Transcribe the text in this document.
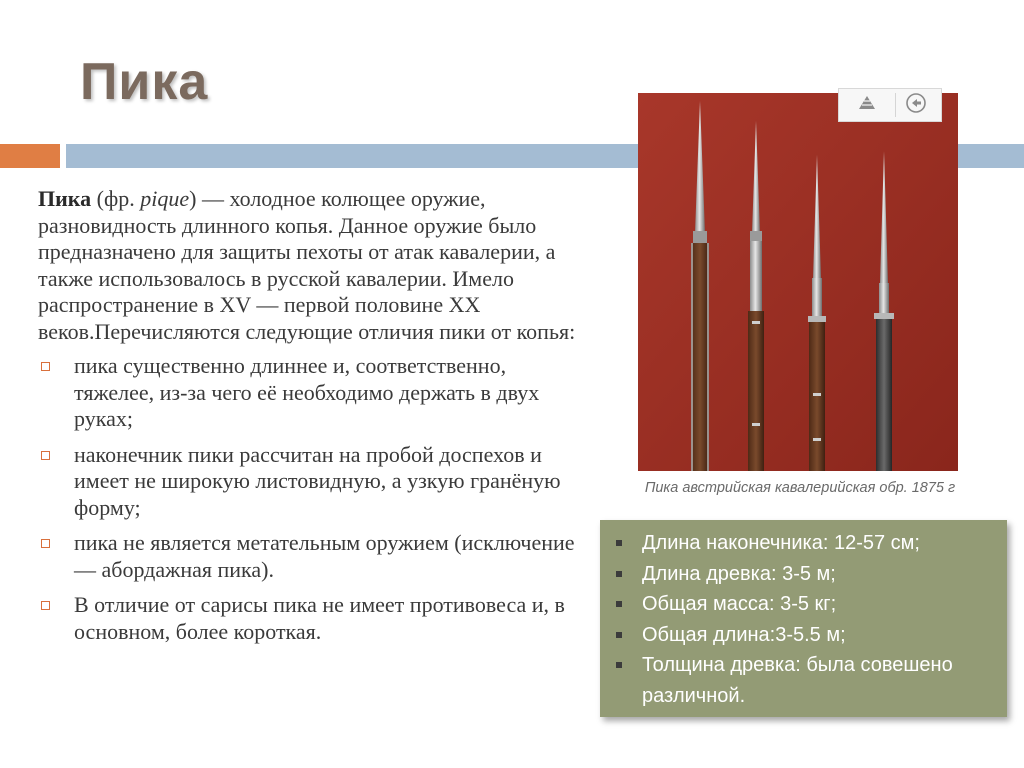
Пика
Пика (фр. pique) — холодное колющее оружие, разновидность длинного копья. Данное оружие было предназначено для защиты пехоты от атак кавалерии, а также использовалось в русской кавалерии. Имело распространение в XV — первой половине XX веков.Перечисляются следующие отличия пики от копья:
пика существенно длиннее и, соответственно, тяжелее, из-за чего её необходимо держать в двух руках;
наконечник пики рассчитан на пробой доспехов и имеет не широкую листовидную, а узкую гранёную форму;
пика не является метательным оружием (исключение — абордажная пика).
В отличие от сарисы пика не имеет противовеса и, в основном, более короткая.
Пика австрийская кавалерийская обр. 1875 г
Длина наконечника: 12-57 см;
Длина древка: 3-5 м;
Общая масса: 3-5 кг;
Общая длина:3-5.5 м;
Толщина древка: была совешено различной.
